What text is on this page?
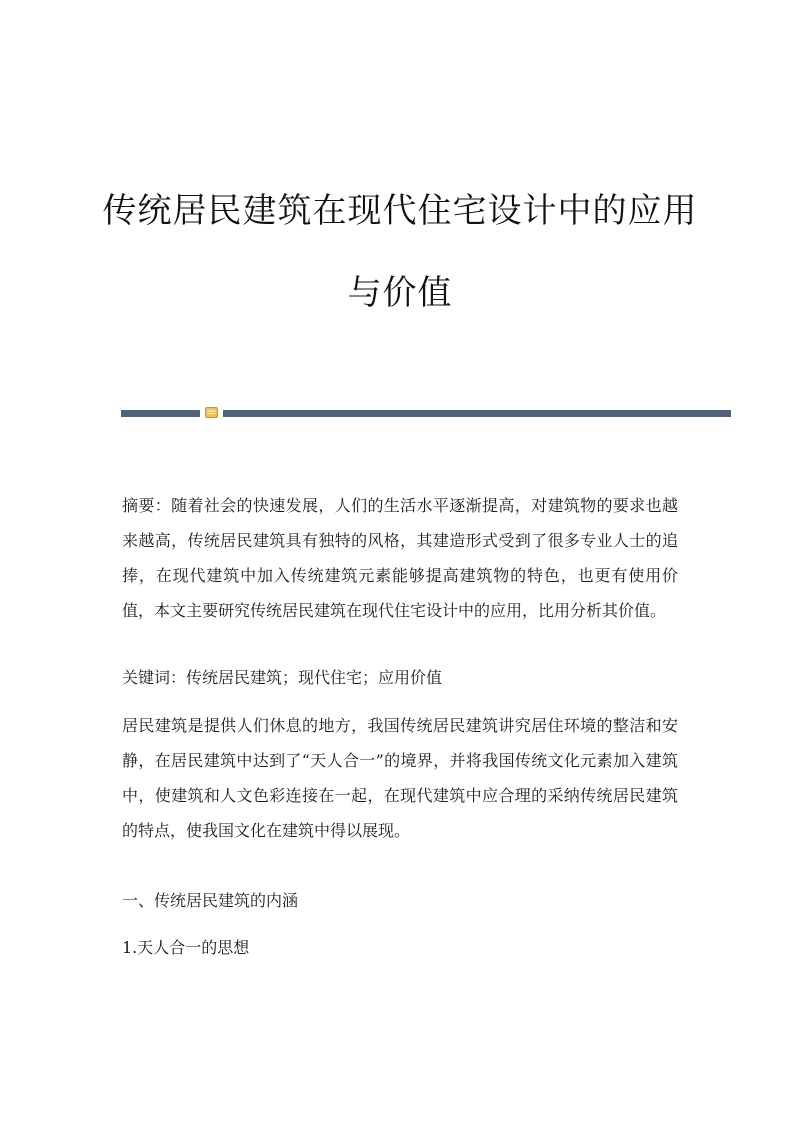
传统居民建筑在现代住宅设计中的应用
与价值

摘要：随着社会的快速发展，人们的生活水平逐渐提高，对建筑物的要求也越来越高，传统居民建筑具有独特的风格，其建造形式受到了很多专业人士的追捧，在现代建筑中加入传统建筑元素能够提高建筑物的特色，也更有使用价值，本文主要研究传统居民建筑在现代住宅设计中的应用，比用分析其价值。

关键词：传统居民建筑；现代住宅；应用价值

居民建筑是提供人们休息的地方，我国传统居民建筑讲究居住环境的整洁和安静，在居民建筑中达到了“天人合一”的境界，并将我国传统文化元素加入建筑中，使建筑和人文色彩连接在一起，在现代建筑中应合理的采纳传统居民建筑的特点，使我国文化在建筑中得以展现。

一、传统居民建筑的内涵

1.天人合一的思想
